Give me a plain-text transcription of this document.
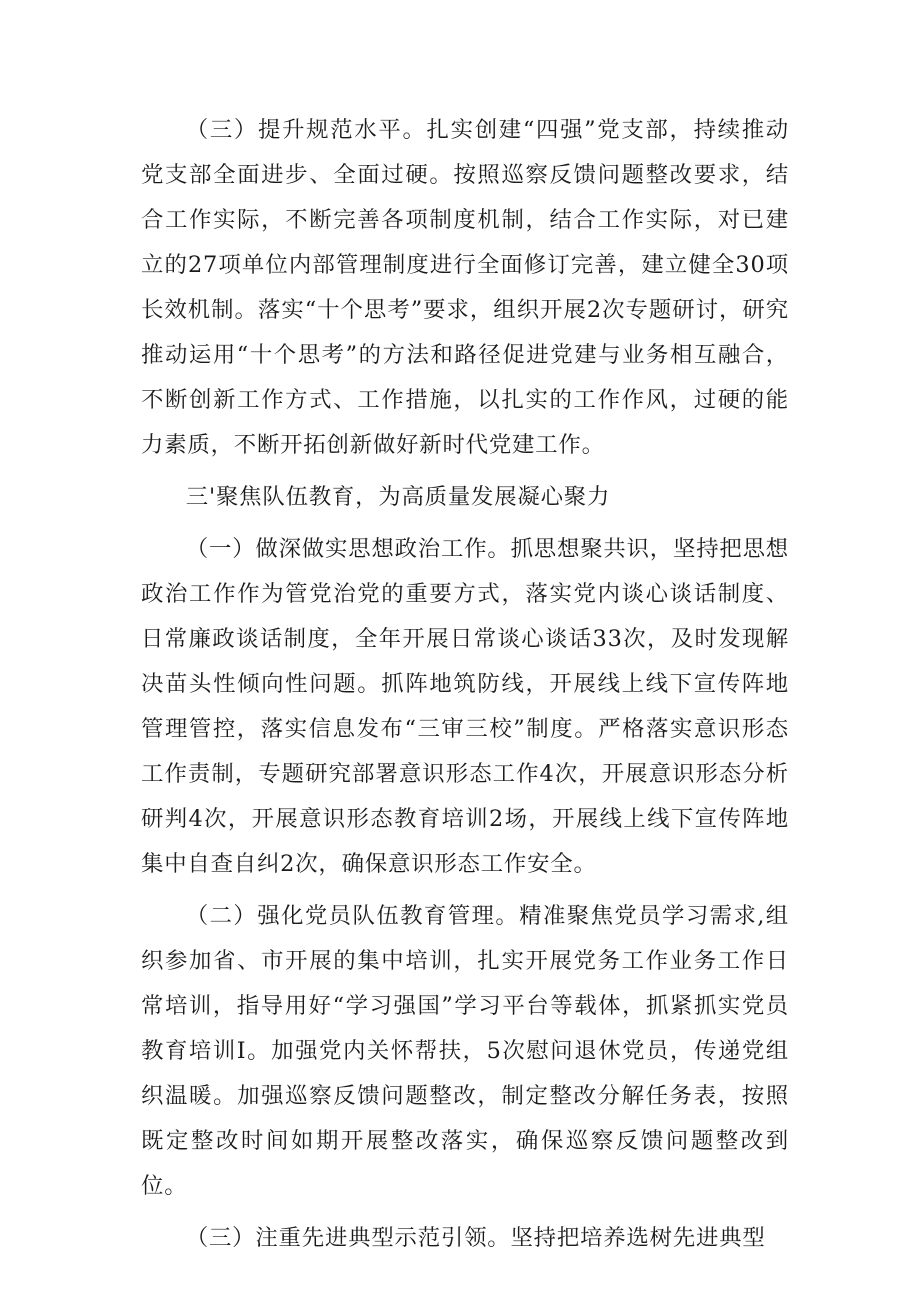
（三）提升规范水平。扎实创建“四强”党支部，持续推动党支部全面进步、全面过硬。按照巡察反馈问题整改要求，结合工作实际，不断完善各项制度机制，结合工作实际，对已建立的27项单位内部管理制度进行全面修订完善，建立健全30项长效机制。落实“十个思考”要求，组织开展2次专题研讨，研究推动运用“十个思考”的方法和路径促进党建与业务相互融合，不断创新工作方式、工作措施，以扎实的工作作风，过硬的能力素质，不断开拓创新做好新时代党建工作。

三'聚焦队伍教育，为高质量发展凝心聚力

（一）做深做实思想政治工作。抓思想聚共识，坚持把思想政治工作作为管党治党的重要方式，落实党内谈心谈话制度、日常廉政谈话制度，全年开展日常谈心谈话33次，及时发现解决苗头性倾向性问题。抓阵地筑防线，开展线上线下宣传阵地管理管控，落实信息发布“三审三校”制度。严格落实意识形态工作责制，专题研究部署意识形态工作4次，开展意识形态分析研判4次，开展意识形态教育培训2场，开展线上线下宣传阵地集中自查自纠2次，确保意识形态工作安全。

（二）强化党员队伍教育管理。精准聚焦党员学习需求,组织参加省、市开展的集中培训，扎实开展党务工作业务工作日常培训，指导用好“学习强国”学习平台等载体，抓紧抓实党员教育培训I。加强党内关怀帮扶，5次慰问退休党员，传递党组织温暖。加强巡察反馈问题整改，制定整改分解任务表，按照既定整改时间如期开展整改落实，确保巡察反馈问题整改到位。

（三）注重先进典型示范引领。坚持把培养选树先进典型
